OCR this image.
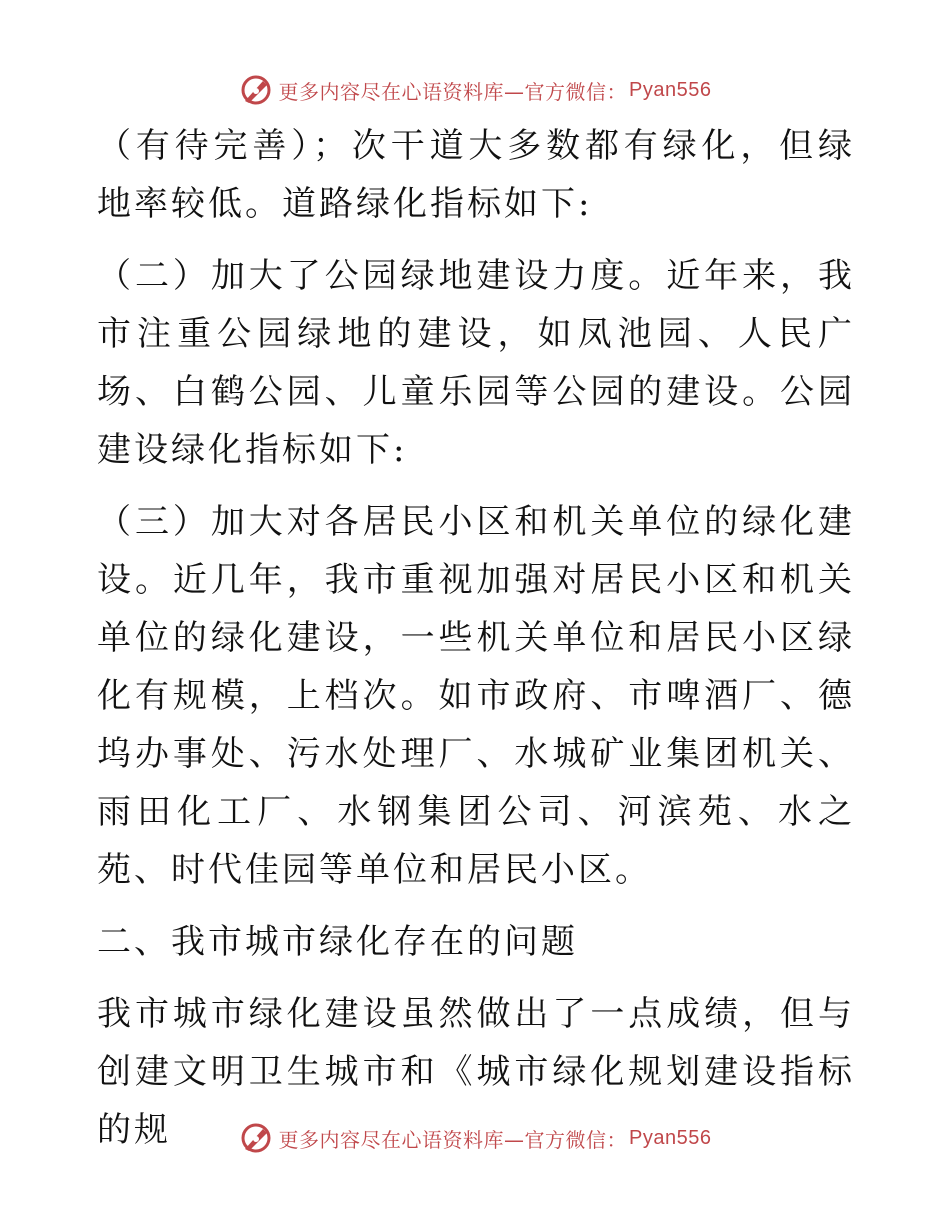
更多内容尽在心语资料库—官方微信： Pyan556

（有待完善）；次干道大多数都有绿化，但绿地率较低。道路绿化指标如下:

（二）加大了公园绿地建设力度。近年来，我市注重公园绿地的建设，如凤池园、人民广场、白鹤公园、儿童乐园等公园的建设。公园建设绿化指标如下:

（三）加大对各居民小区和机关单位的绿化建设。近几年，我市重视加强对居民小区和机关单位的绿化建设，一些机关单位和居民小区绿化有规模，上档次。如市政府、市啤酒厂、德坞办事处、污水处理厂、水城矿业集团机关、雨田化工厂、水钢集团公司、河滨苑、水之苑、时代佳园等单位和居民小区。

二、我市城市绿化存在的问题

我市城市绿化建设虽然做出了一点成绩，但与创建文明卫生城市和《城市绿化规划建设指标的规	更多内容尽在心语资料库—官方微信： Pyan556
